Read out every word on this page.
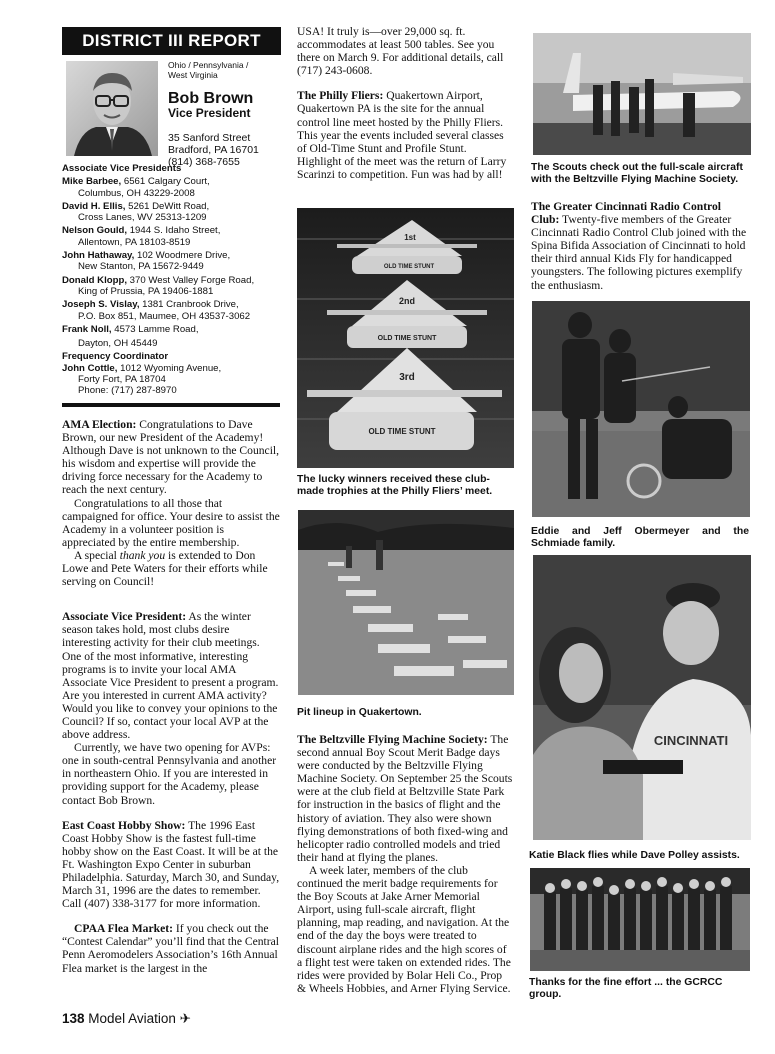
DISTRICT III REPORT
Ohio / Pennsylvania /
West Virginia
Bob Brown
Vice President
35 Sanford Street
Bradford, PA 16701
(814) 368-7655
Associate Vice Presidents
Mike Barbee, 6561 Calgary Court,
Columbus, OH 43229-2008
David H. Ellis, 5261 DeWitt Road,
Cross Lanes, WV 25313-1209
Nelson Gould, 1944 S. Idaho Street,
Allentown, PA 18103-8519
John Hathaway, 102 Woodmere Drive,
New Stanton, PA 15672-9449
Donald Klopp, 370 West Valley Forge Road,
King of Prussia, PA 19406-1881
Joseph S. Vislay, 1381 Cranbrook Drive,
P.O. Box 851, Maumee, OH 43537-3062
Frank Noll, 4573 Lamme Road,
Dayton, OH 45449
Frequency Coordinator
John Cottle, 1012 Wyoming Avenue,
Forty Fort, PA 18704
Phone: (717) 287-8970

AMA Election: Congratulations to Dave Brown, our new President of the Academy! Although Dave is not unknown to the Council, his wisdom and expertise will provide the driving force necessary for the Academy to reach the next century.

Congratulations to all those that campaigned for office. Your desire to assist the Academy in a volunteer position is appreciated by the entire membership.

A special thank you is extended to Don Lowe and Pete Waters for their efforts while serving on Council!

Associate Vice President: As the winter season takes hold, most clubs desire interesting activity for their club meetings. One of the most informative, interesting programs is to invite your local AMA Associate Vice President to present a program. Are you interested in current AMA activity? Would you like to convey your opinions to the Council? If so, contact your local AVP at the above address.

Currently, we have two opening for AVPs: one in south-central Pennsylvania and another in northeastern Ohio. If you are interested in providing support for the Academy, please contact Bob Brown.

East Coast Hobby Show: The 1996 East Coast Hobby Show is the fastest full-time hobby show on the East Coast. It will be at the Ft. Washington Expo Center in suburban Philadelphia. Saturday, March 30, and Sunday, March 31, 1996 are the dates to remember. Call (407) 338-3177 for more information.

CPAA Flea Market: If you check out the “Contest Calendar” you’ll find that the Central Penn Aeromodelers Association’s 16th Annual Flea market is the largest in the

USA! It truly is—over 29,000 sq. ft. accommodates at least 500 tables. See you there on March 9. For additional details, call (717) 243-0608.

The Philly Fliers: Quakertown Airport, Quakertown PA is the site for the annual control line meet hosted by the Philly Fliers. This year the events included several classes of Old-Time Stunt and Profile Stunt. Highlight of the meet was the return of Larry Scarinzi to competition. Fun was had by all!

1st
OLD TIME STUNT
2nd
OLD TIME STUNT
3rd
OLD TIME STUNT
The lucky winners received these club-made trophies at the Philly Fliers’ meet.
Pit lineup in Quakertown.

The Beltzville Flying Machine Society: The second annual Boy Scout Merit Badge days were conducted by the Beltzville Flying Machine Society. On September 25 the Scouts were at the club field at Beltzville State Park for instruction in the basics of flight and the history of aviation. They also were shown flying demonstrations of both fixed-wing and helicopter radio controlled models and tried their hand at flying the planes.

A week later, members of the club continued the merit badge requirements for the Boy Scouts at Jake Arner Memorial Airport, using full-scale aircraft, flight planning, map reading, and navigation. At the end of the day the boys were treated to discount airplane rides and the high scores of a flight test were taken on extended rides. The rides were provided by Bolar Heli Co., Prop & Wheels Hobbies, and Arner Flying Service.

The Scouts check out the full-scale aircraft with the Beltzville Flying Machine Society.

The Greater Cincinnati Radio Control Club: Twenty-five members of the Greater Cincinnati Radio Control Club joined with the Spina Bifida Association of Cincinnati to hold their third annual Kids Fly for handicapped youngsters. The following pictures exemplify the enthusiasm.

Eddie and Jeff Obermeyer and the Schmiade family.
CINCINNATI
Katie Black flies while Dave Polley assists.
Thanks for the fine effort ... the GCRCC group.
138 Model Aviation ✈
